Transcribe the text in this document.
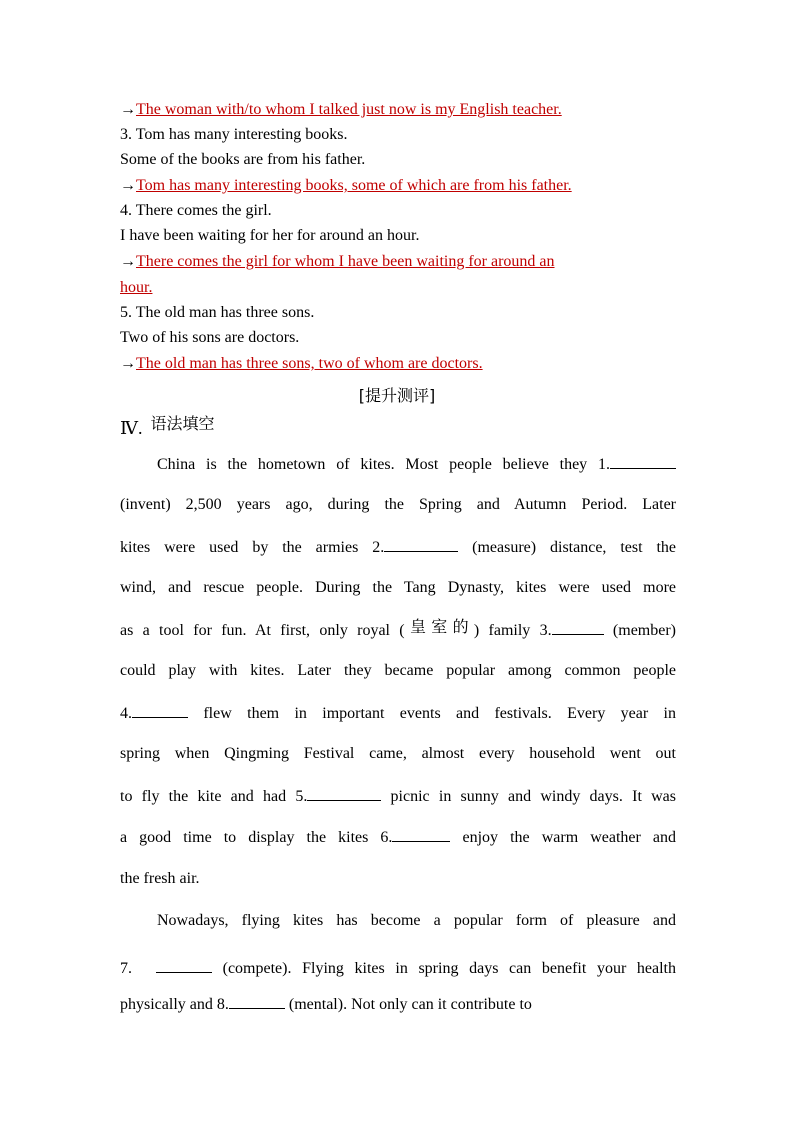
→The woman with/to whom I talked just now is my English teacher.
3. Tom has many interesting books.
Some of the books are from his father.
→Tom has many interesting books, some of which are from his father.
4. There comes the girl.
I have been waiting for her for around an hour.
→There comes the girl for whom I have been waiting for around an
hour.
5. The old man has three sons.
Two of his sons are doctors.
→The old man has three sons, two of whom are doctors.
[提升测评]
Ⅳ. 语法填空
China is the hometown of kites. Most people believe they 1.
(invent) 2,500 years ago, during the Spring and Autumn Period. Later
kites were used by the armies 2.	(measure) distance, test the
wind, and rescue people. During the Tang Dynasty, kites were used more
as a tool for fun. At first, only royal (皇室的) family 3.	(member)
could play with kites. Later they became popular among common people
4.	flew them in important events and festivals. Every year in
spring when Qingming Festival came, almost every household went out
to fly the kite and had 5.	picnic in sunny and windy days. It was
a good time to display the kites 6.	enjoy the warm weather and
the fresh air.
Nowadays, flying kites has become a popular form of pleasure and
7.	(compete). Flying kites in spring days can benefit your health
physically and 8.	(mental). Not only can it contribute to
